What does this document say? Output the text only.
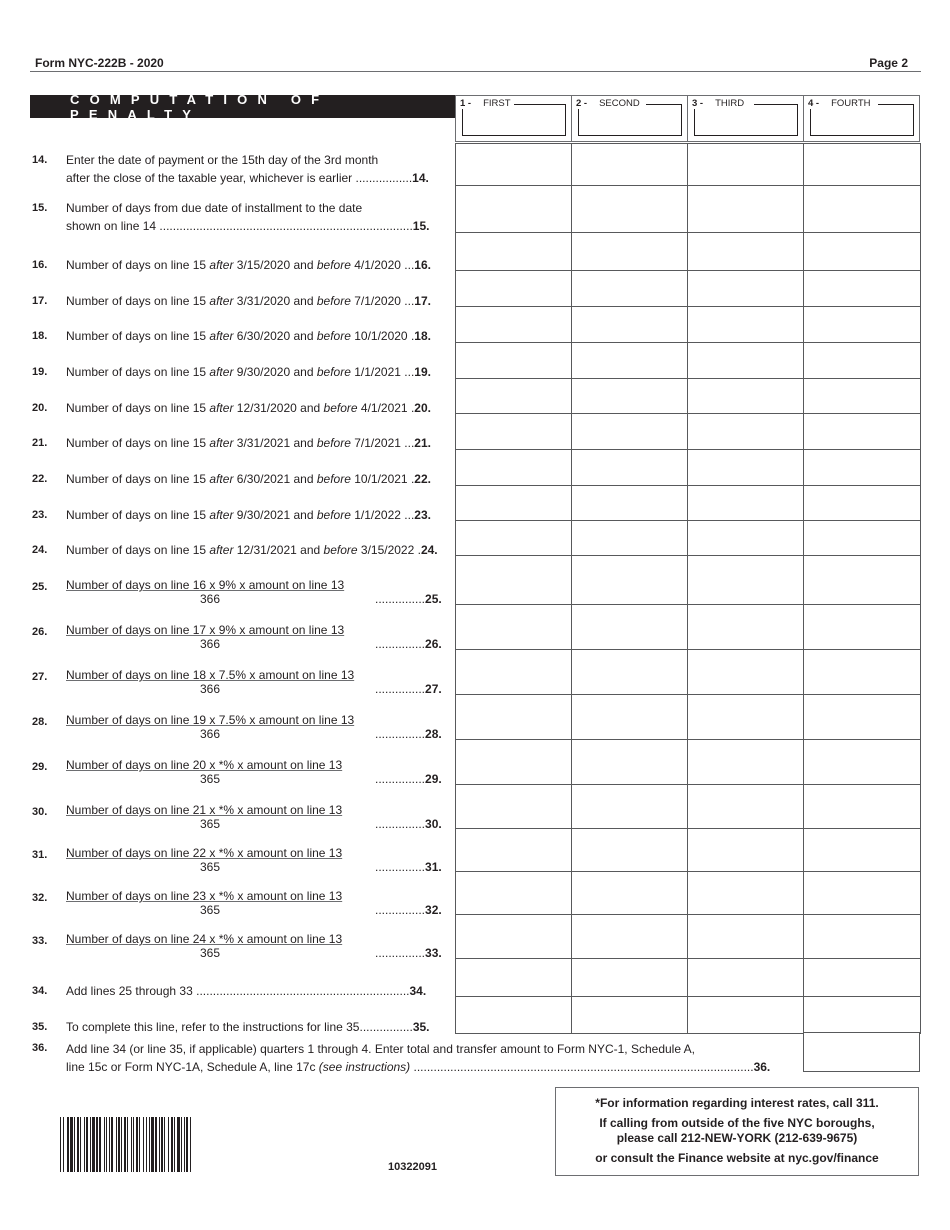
Form NYC-222B - 2020	Page 2
COMPUTATION OF PENALTY
1 - FIRST	2 - SECOND	3 - THIRD	4 - FOURTH
14. Enter the date of payment or the 15th day of the 3rd month
after the close of the taxable year, whichever is earlier .................14.
15. Number of days from due date of installment to the date
shown on line 14 ............................................................................15.
16. Number of days on line 15 after 3/15/2020 and before 4/1/2020 ...16.
17. Number of days on line 15 after 3/31/2020 and before 7/1/2020 ...17.
18. Number of days on line 15 after 6/30/2020 and before 10/1/2020 .18.
19. Number of days on line 15 after 9/30/2020 and before 1/1/2021 ...19.
20. Number of days on line 15 after 12/31/2020 and before 4/1/2021 .20.
21. Number of days on line 15 after 3/31/2021 and before 7/1/2021 ...21.
22. Number of days on line 15 after 6/30/2021 and before 10/1/2021 .22.
23. Number of days on line 15 after 9/30/2021 and before 1/1/2022 ...23.
24. Number of days on line 15 after 12/31/2021 and before 3/15/2022 .24.
25. Number of days on line 16 x 9% x amount on line 13
366	...............25.
26. Number of days on line 17 x 9% x amount on line 13
366	...............26.
27. Number of days on line 18 x 7.5% x amount on line 13
366	...............27.
28. Number of days on line 19 x 7.5% x amount on line 13
366	...............28.
29. Number of days on line 20 x *% x amount on line 13
365	...............29.
30. Number of days on line 21 x *% x amount on line 13
365	...............30.
31. Number of days on line 22 x *% x amount on line 13
365	...............31.
32. Number of days on line 23 x *% x amount on line 13
365	...............32.
33. Number of days on line 24 x *% x amount on line 13
365	...............33.
34. Add lines 25 through 33 ................................................................34.
35. To complete this line, refer to the instructions for line 35................35.
36. Add line 34 (or line 35, if applicable) quarters 1 through 4. Enter total and transfer amount to Form NYC-1, Schedule A,
line 15c or Form NYC-1A, Schedule A, line 17c (see instructions) ......................................................................................................36.
10322091
*For information regarding interest rates, call 311.
If calling from outside of the five NYC boroughs,
please call 212-NEW-YORK (212-639-9675)
or consult the Finance website at nyc.gov/finance
